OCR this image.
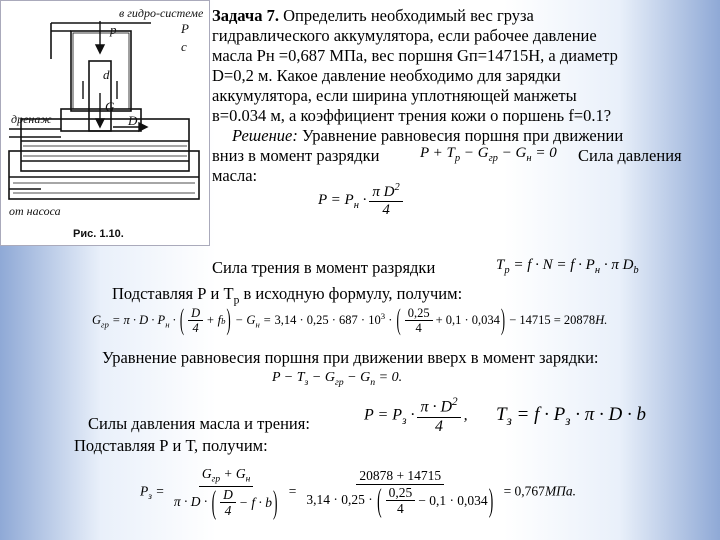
p	P
c
d
G
D
в гидро-системе
дренаж
от насоса
Рис. 1.10.
Задача 7. Определить необходимый вес груза
гидравлического аккумулятора, если рабочее давление
масла Рн =0,687 МПа, вес поршня Gп=14715Н, а диаметр
D=0,2 м. Какое давление необходимо для зарядки
аккумулятора, если ширина уплотняющей манжеты
в=0.034 м, а коэффициент трения кожи о поршень f=0.1?
Решение: Уравнение равновесия поршня при движении
вниз в момент разрядки	$P + T_p - G_{гр} - G_н = 0$ Сила давления
масла:
$P = P_н \cdot \frac{\pi D^2}{4}$
Сила трения в момент разрядки	$T_p = f \cdot N = f \cdot P_н \cdot \pi$ $D_b$
Подставляя Р и $Т_р$ в исходную формулу, получим:
$G_{гр} = \pi \cdot D \cdot P_н$ · ( $\frac{D}{4} + f$ b ) − $G_н = 3,14 \cdot 0,25 \cdot 687 \cdot 10^3$ · ( $\frac{0,25}{4} + 0,1 \cdot 0,034$ ) − 14715 = 20878Н.
Уравнение равновесия поршня при движении вверх в момент зарядки:
$P - T_з - G_{гр} - G_п = 0$.
Силы давления масла и трения:	$P = P_з \cdot \frac{\pi \cdot D^2}{4}$ , $T_з = f \cdot P_з \cdot \pi \cdot D \cdot b$
Подставляя Р и Т, получим:
$P_з = \frac{G_{гр} + G_н}{\pi \cdot D \cdot ( \frac{D}{4} - f \cdot b )} = \frac{20878 + 14715}{3,14 \cdot 0,25 \cdot ( \frac{0,25}{4} - 0,1 \cdot 0,034 )} = 0,767МПа$.
